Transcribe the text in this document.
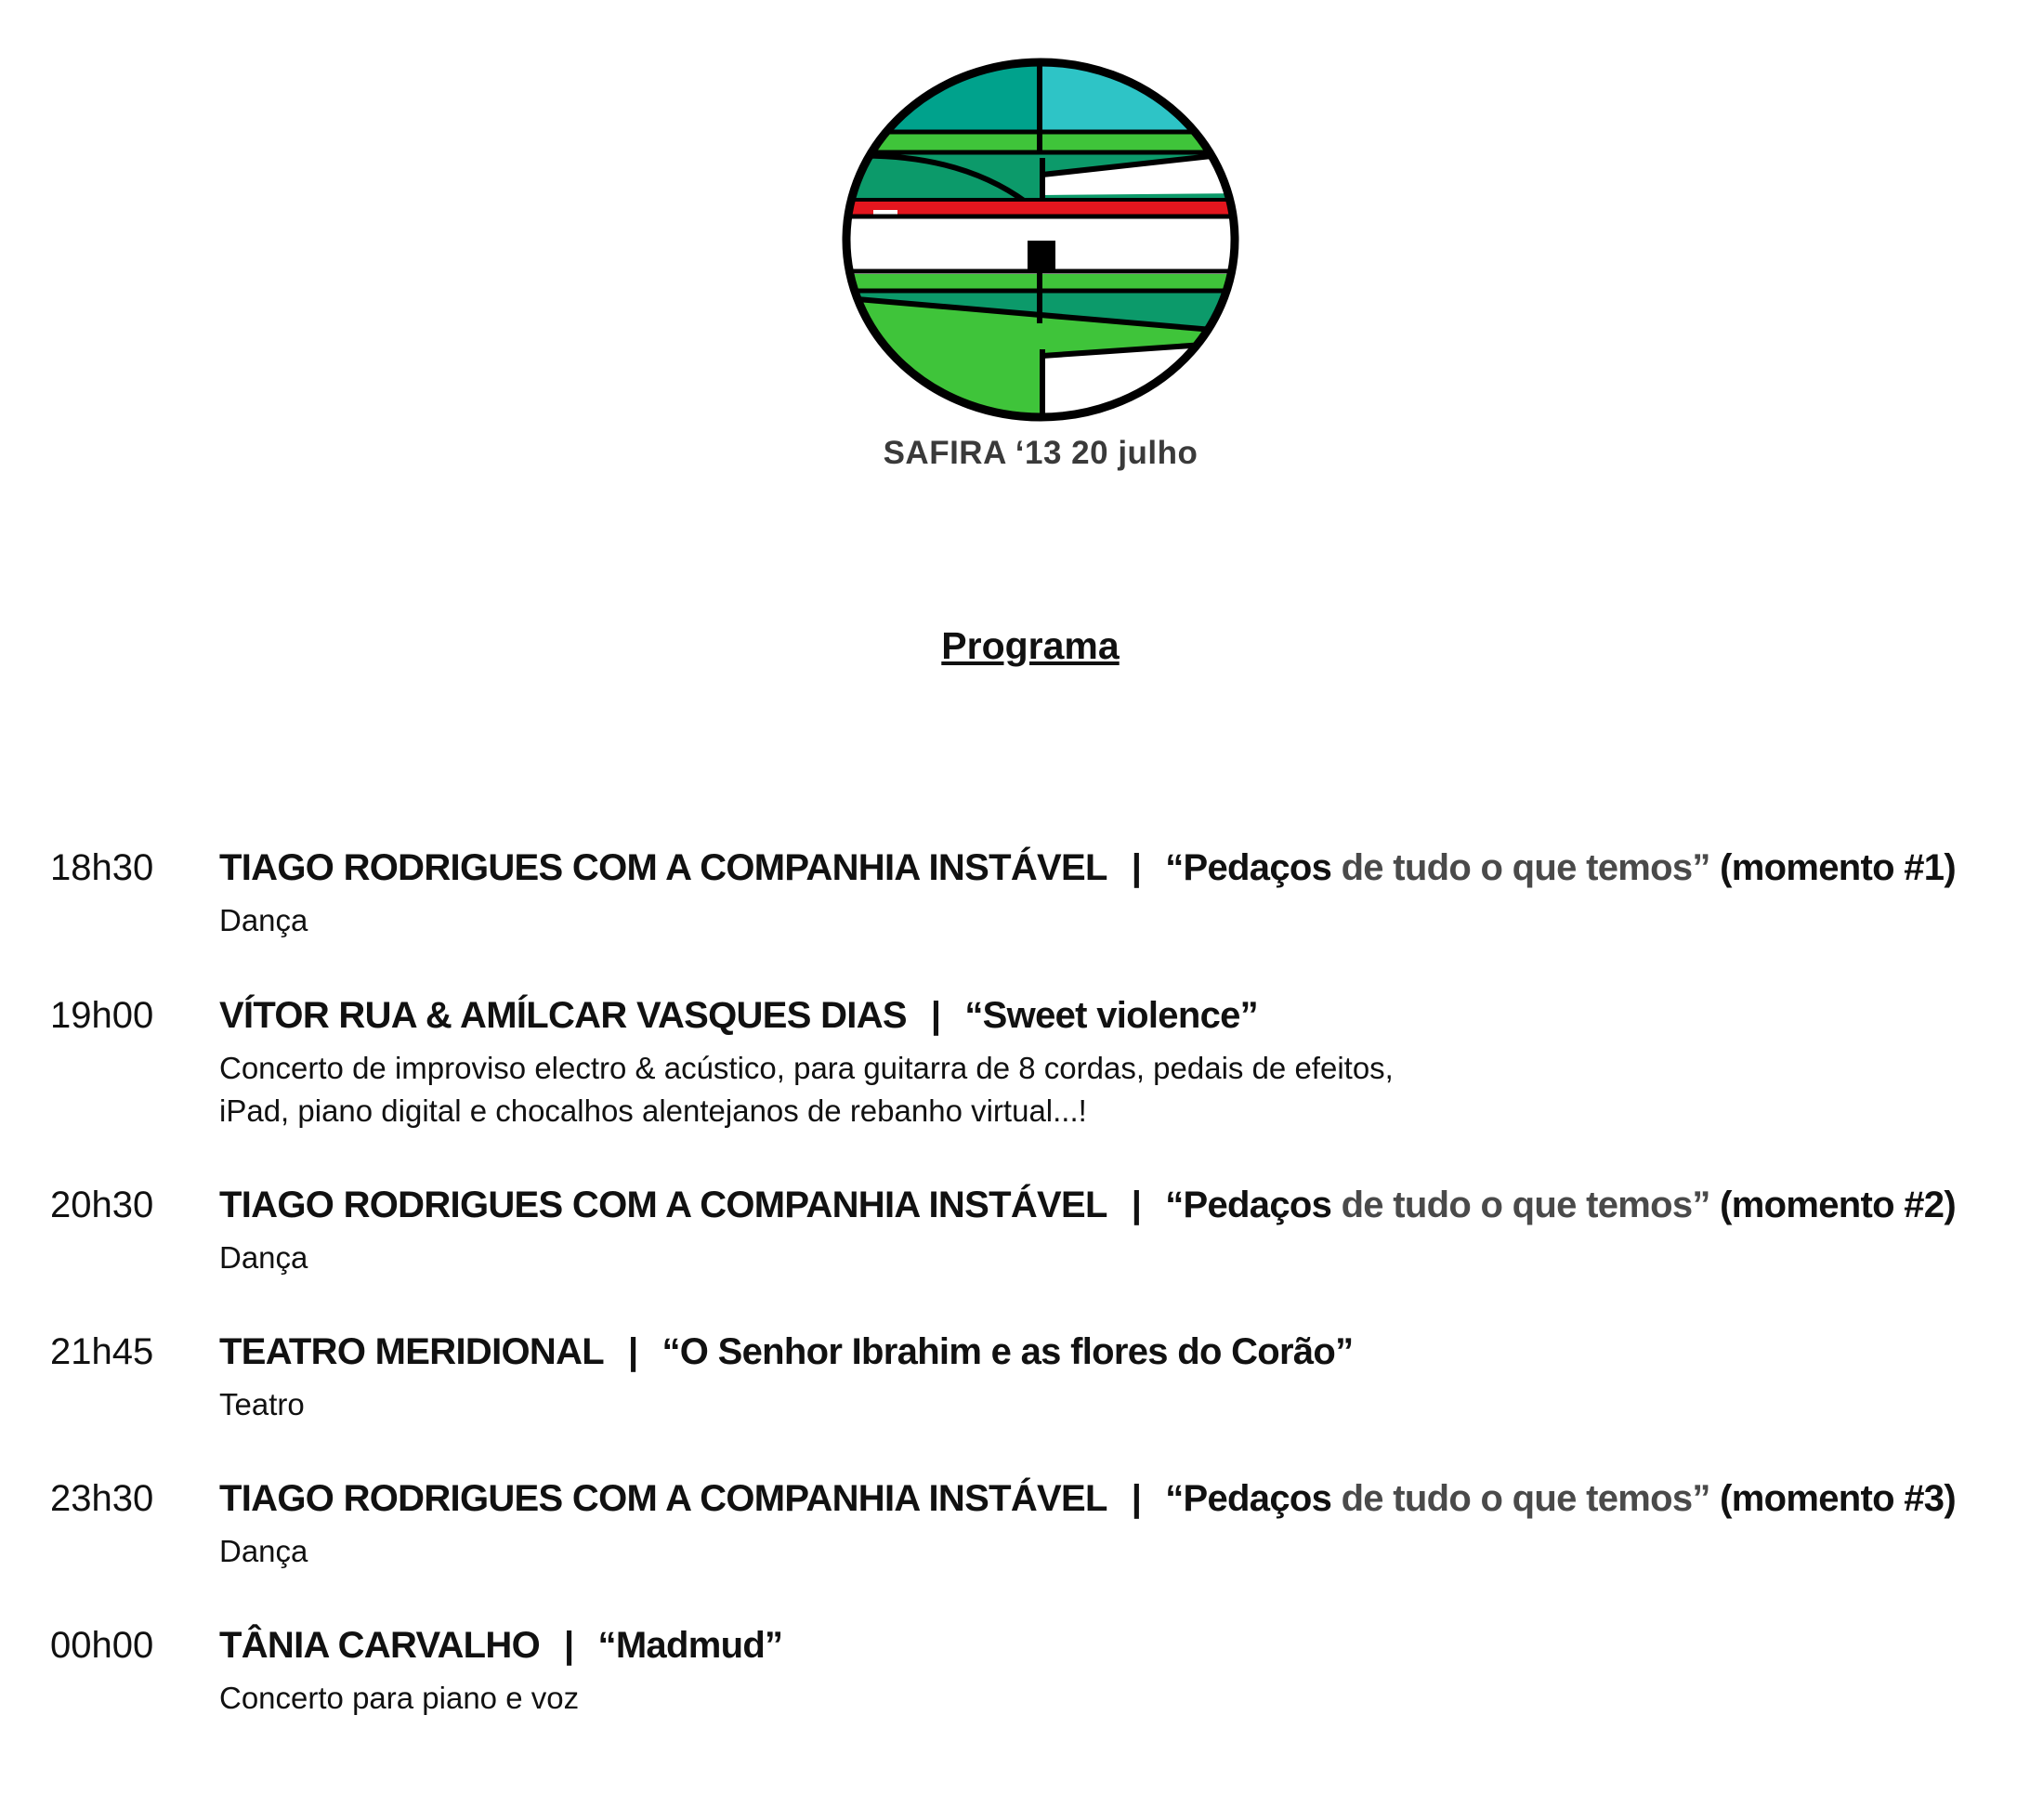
SAFIRA ‘13 20 julho
Programa
18h30 TIAGO RODRIGUES COM A COMPANHIA INSTÁVEL | “Pedaços de tudo o que temos” (momento #1)
Dança
19h00 VÍTOR RUA & AMÍLCAR VASQUES DIAS | “Sweet violence”
Concerto de improviso electro & acústico, para guitarra de 8 cordas, pedais de efeitos,
iPad, piano digital e chocalhos alentejanos de rebanho virtual...!
20h30 TIAGO RODRIGUES COM A COMPANHIA INSTÁVEL | “Pedaços de tudo o que temos” (momento #2)
Dança
21h45 TEATRO MERIDIONAL | “O Senhor Ibrahim e as flores do Corão”
Teatro
23h30 TIAGO RODRIGUES COM A COMPANHIA INSTÁVEL | “Pedaços de tudo o que temos” (momento #3)
Dança
00h00 TÂNIA CARVALHO | “Madmud”
Concerto para piano e voz
